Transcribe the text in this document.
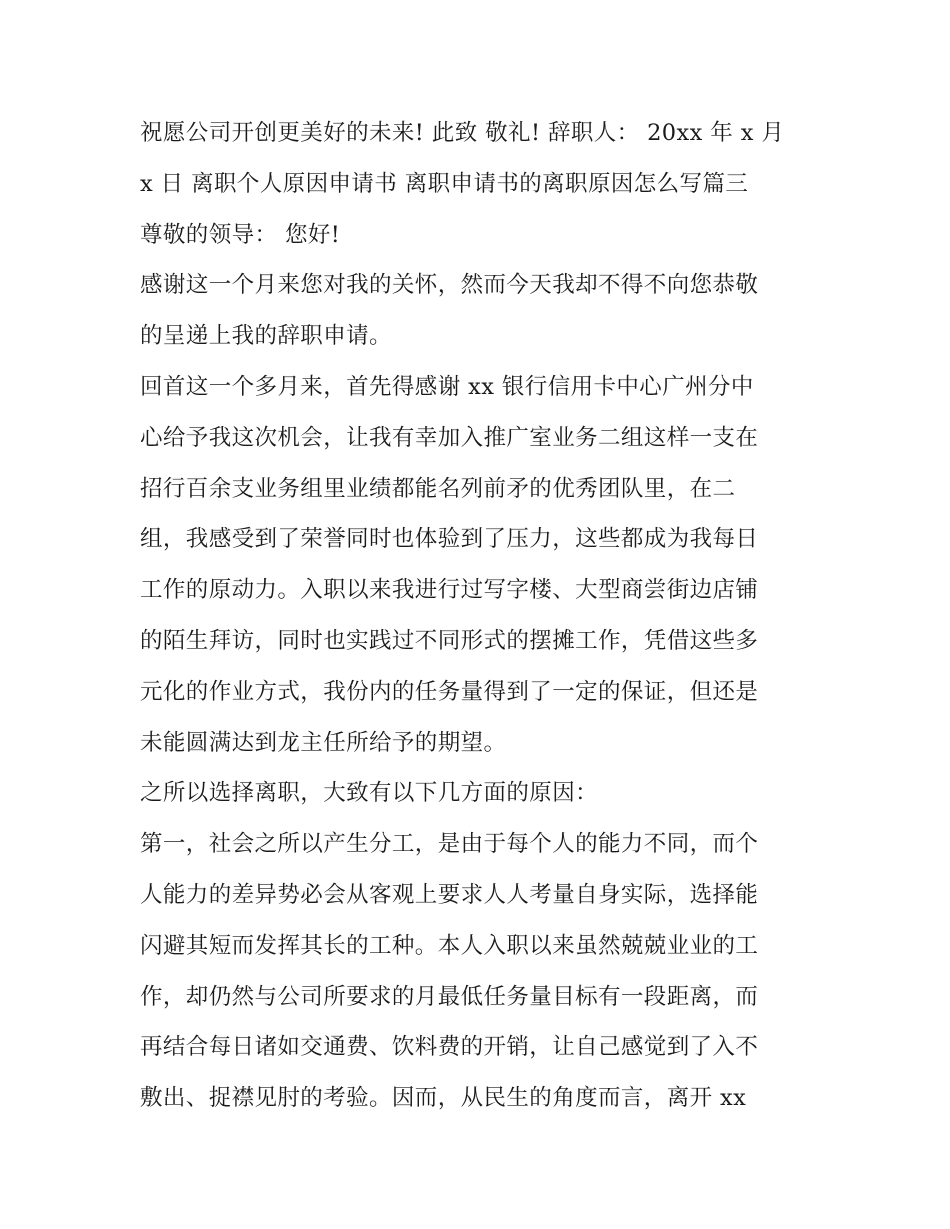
祝愿公司开创更美好的未来! 此致 敬礼! 辞职人： 20xx 年 x 月
x 日 离职个人原因申请书 离职申请书的离职原因怎么写篇三
尊敬的领导： 您好!
感谢这一个月来您对我的关怀，然而今天我却不得不向您恭敬
的呈递上我的辞职申请。
回首这一个多月来，首先得感谢 xx 银行信用卡中心广州分中
心给予我这次机会，让我有幸加入推广室业务二组这样一支在
招行百余支业务组里业绩都能名列前矛的优秀团队里，在二
组，我感受到了荣誉同时也体验到了压力，这些都成为我每日
工作的原动力。入职以来我进行过写字楼、大型商尝街边店铺
的陌生拜访，同时也实践过不同形式的摆摊工作，凭借这些多
元化的作业方式，我份内的任务量得到了一定的保证，但还是
未能圆满达到龙主任所给予的期望。
之所以选择离职，大致有以下几方面的原因：
第一，社会之所以产生分工，是由于每个人的能力不同，而个
人能力的差异势必会从客观上要求人人考量自身实际，选择能
闪避其短而发挥其长的工种。本人入职以来虽然兢兢业业的工
作，却仍然与公司所要求的月最低任务量目标有一段距离，而
再结合每日诸如交通费、饮料费的开销，让自己感觉到了入不
敷出、捉襟见肘的考验。因而，从民生的角度而言，离开 xx
